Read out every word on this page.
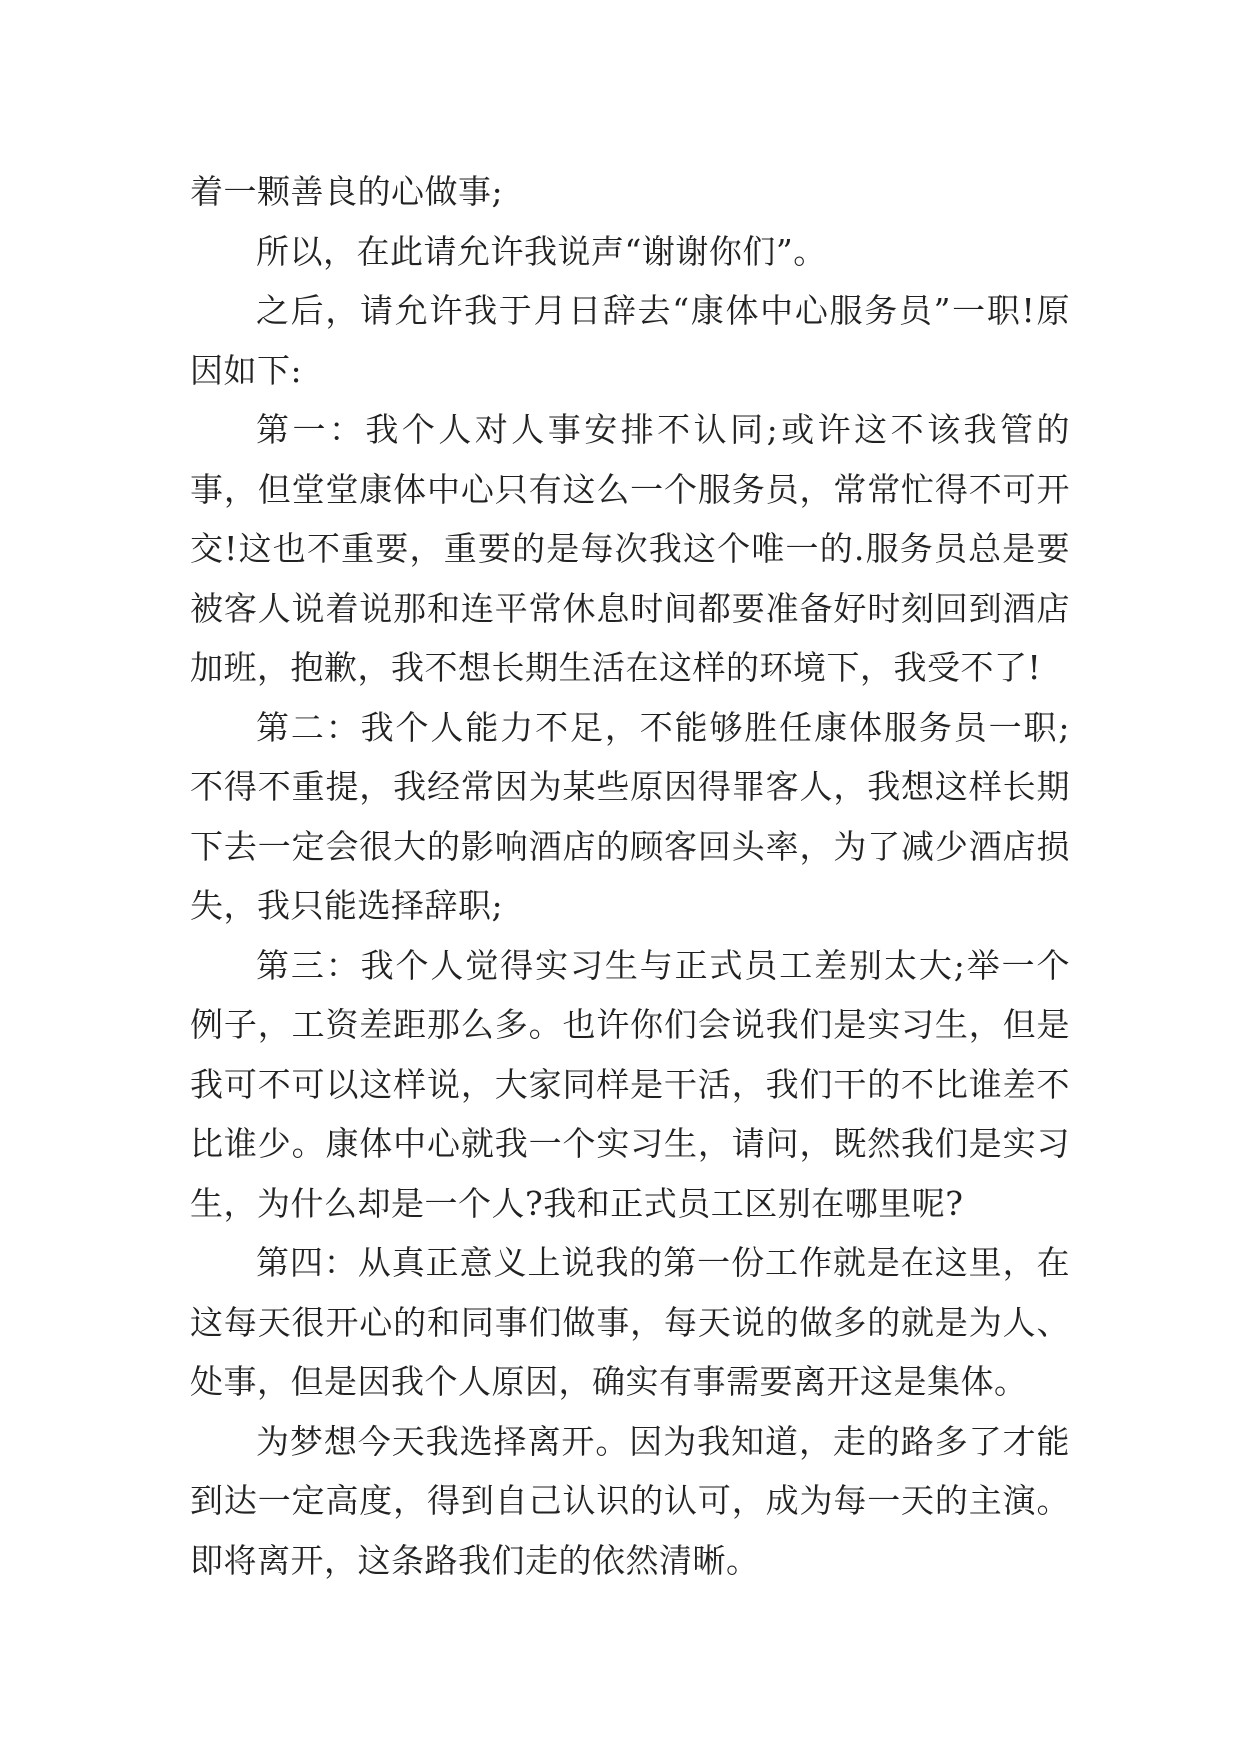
着一颗善良的心做事;

所以，在此请允许我说声“谢谢你们”。

之后，请允许我于月日辞去“康体中心服务员”一职!原因如下:

第一：我个人对人事安排不认同;或许这不该我管的事，但堂堂康体中心只有这么一个服务员，常常忙得不可开交!这也不重要，重要的是每次我这个唯一的.服务员总是要被客人说着说那和连平常休息时间都要准备好时刻回到酒店加班，抱歉，我不想长期生活在这样的环境下，我受不了!

第二：我个人能力不足，不能够胜任康体服务员一职;不得不重提，我经常因为某些原因得罪客人，我想这样长期下去一定会很大的影响酒店的顾客回头率，为了减少酒店损失，我只能选择辞职;

第三：我个人觉得实习生与正式员工差别太大;举一个例子，工资差距那么多。也许你们会说我们是实习生，但是我可不可以这样说，大家同样是干活，我们干的不比谁差不比谁少。康体中心就我一个实习生，请问，既然我们是实习生，为什么却是一个人?我和正式员工区别在哪里呢?

第四：从真正意义上说我的第一份工作就是在这里，在这每天很开心的和同事们做事，每天说的做多的就是为人、处事，但是因我个人原因，确实有事需要离开这是集体。

为梦想今天我选择离开。因为我知道，走的路多了才能到达一定高度，得到自己认识的认可，成为每一天的主演。即将离开，这条路我们走的依然清晰。
